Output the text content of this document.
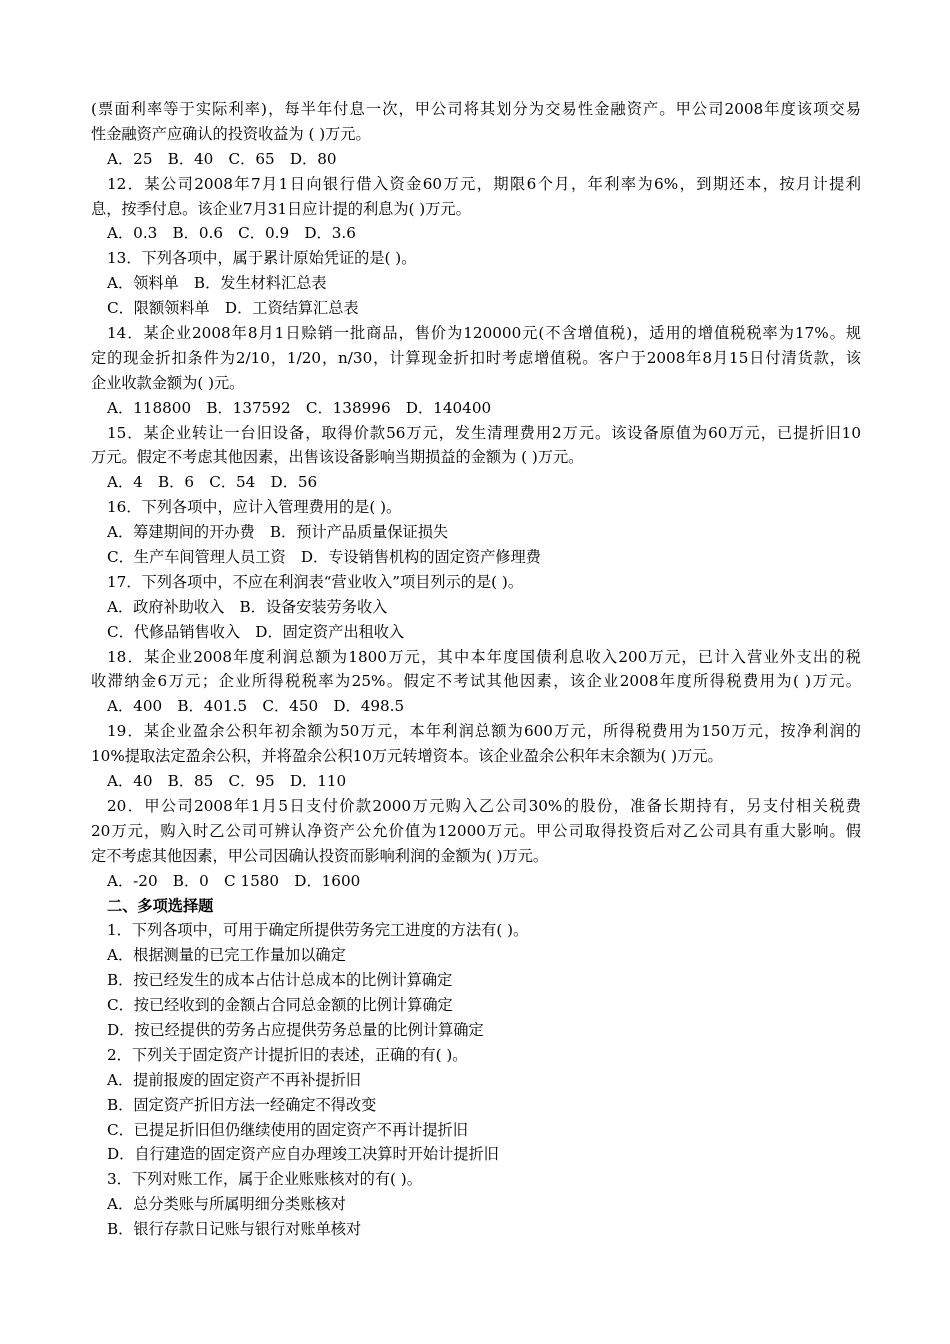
(票面利率等于实际利率)，每半年付息一次，甲公司将其划分为交易性金融资产。甲公司2008年度该项交易
性金融资产应确认的投资收益为 ( )万元。
A．25　B．40　C．65　D．80
12．某公司2008年7月1日向银行借入资金60万元，期限6个月，年利率为6%，到期还本，按月计提利
息，按季付息。该企业7月31日应计提的利息为( )万元。
A．0.3　B．0.6　C．0.9　D．3.6
13．下列各项中，属于累计原始凭证的是( )。
A．领料单　B．发生材料汇总表
C．限额领料单　D．工资结算汇总表
14．某企业2008年8月1日赊销一批商品，售价为120000元(不含增值税)，适用的增值税税率为17%。规
定的现金折扣条件为2/10，1/20，n/30，计算现金折扣时考虑增值税。客户于2008年8月15日付清货款，该
企业收款金额为( )元。
A．118800　B．137592　C．138996　D．140400
15．某企业转让一台旧设备，取得价款56万元，发生清理费用2万元。该设备原值为60万元，已提折旧10
万元。假定不考虑其他因素，出售该设备影响当期损益的金额为 ( )万元。
A．4　B．6　C．54　D．56
16．下列各项中，应计入管理费用的是( )。
A．筹建期间的开办费　B．预计产品质量保证损失
C．生产车间管理人员工资　D．专设销售机构的固定资产修理费
17．下列各项中，不应在利润表“营业收入”项目列示的是( )。
A．政府补助收入　B．设备安装劳务收入
C．代修品销售收入　D．固定资产出租收入
18．某企业2008年度利润总额为1800万元，其中本年度国债利息收入200万元，已计入营业外支出的税
收滞纳金6万元；企业所得税税率为25%。假定不考试其他因素，该企业2008年度所得税费用为( )万元。
A．400　B．401.5　C．450　D．498.5
19．某企业盈余公积年初余额为50万元，本年利润总额为600万元，所得税费用为150万元，按净利润的
10%提取法定盈余公积，并将盈余公积10万元转增资本。该企业盈余公积年末余额为( )万元。
A．40　B．85　C．95　D．110
20．甲公司2008年1月5日支付价款2000万元购入乙公司30%的股份，准备长期持有，另支付相关税费
20万元，购入时乙公司可辨认净资产公允价值为12000万元。甲公司取得投资后对乙公司具有重大影响。假
定不考虑其他因素，甲公司因确认投资而影响利润的金额为( )万元。
A．-20　B．0　C 1580　D．1600
二、多项选择题
1．下列各项中，可用于确定所提供劳务完工进度的方法有( )。
A．根据测量的已完工作量加以确定
B．按已经发生的成本占估计总成本的比例计算确定
C．按已经收到的金额占合同总金额的比例计算确定
D．按已经提供的劳务占应提供劳务总量的比例计算确定
2．下列关于固定资产计提折旧的表述，正确的有( )。
A．提前报废的固定资产不再补提折旧
B．固定资产折旧方法一经确定不得改变
C．已提足折旧但仍继续使用的固定资产不再计提折旧
D．自行建造的固定资产应自办理竣工决算时开始计提折旧
3．下列对账工作，属于企业账账核对的有( )。
A．总分类账与所属明细分类账核对
B．银行存款日记账与银行对账单核对
